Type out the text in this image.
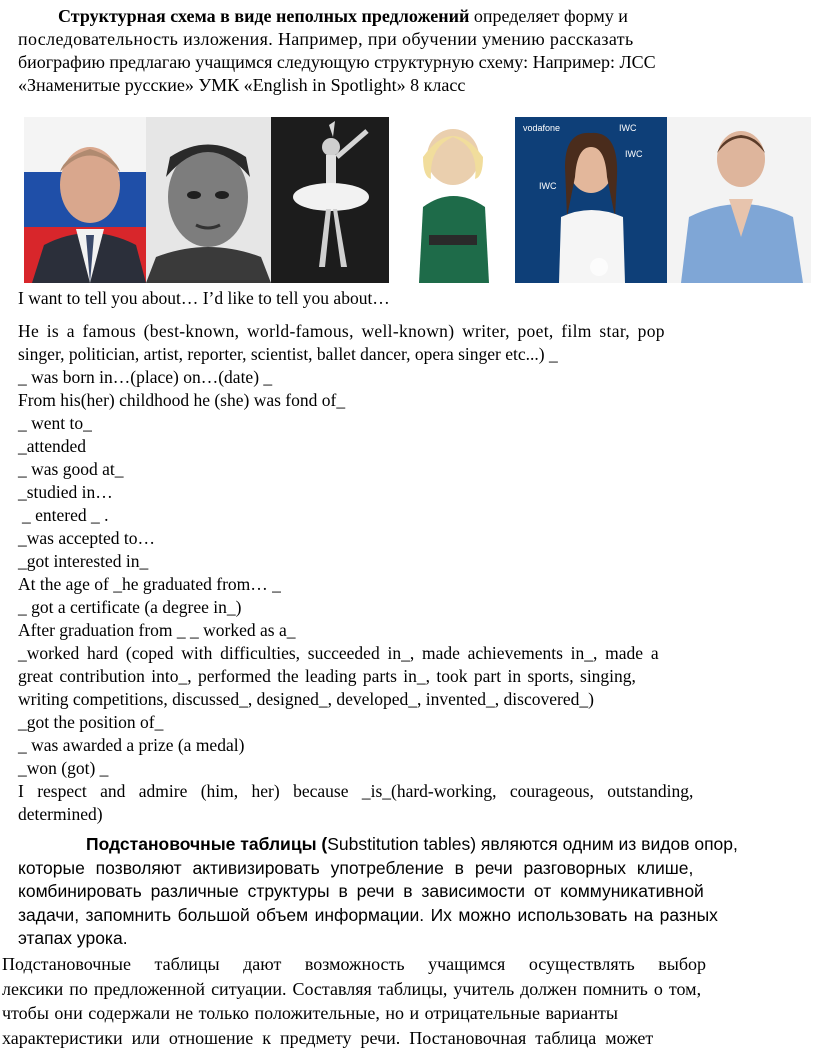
Структурная схема в виде неполных предложений определяет форму и
последовательность изложения. Например, при обучении умению рассказать
биографию предлагаю учащимся следующую структурную схему: Например: ЛСС
«Знаменитые русские» УМК «English in Spotlight» 8 класс
vodafone	IWC
IWC
IWC
I want to tell you about… I’d like to tell you about…
He is a famous (best-known, world-famous, well-known) writer, poet, film star, pop
singer, politician, artist, reporter, scientist, ballet dancer, opera singer etc...) _
_ was born in…(place) on…(date) _
From his(her) childhood he (she) was fond of_
_ went to_
_attended
_ was good at_
_studied in…
_ entered _ .
_was accepted to…
_got interested in_
At the age of _he graduated from… _
_ got a certificate (a degree in_)
After graduation from _ _ worked as a_
_worked hard (coped with difficulties, succeeded in_, made achievements in_, made a
great contribution into_, performed the leading parts in_, took part in sports, singing,
writing competitions, discussed_, designed_, developed_, invented_, discovered_)
_got the position of_
_ was awarded a prize (a medal)
_won (got) _
I respect and admire (him, her) because _is_(hard-working, courageous, outstanding,
determined)
Подстановочные таблицы (Substitution tables) являются одним из видов опор,
которые позволяют активизировать употребление в речи разговорных клише,
комбинировать различные структуры в речи в зависимости от коммуникативной
задачи, запомнить большой объем информации. Их можно использовать на разных
этапах урока.
Подстановочные таблицы дают возможность учащимся осуществлять выбор
лексики по предложенной ситуации. Составляя таблицы, учитель должен помнить о том,
чтобы они содержали не только положительные, но и отрицательные варианты
характеристики или отношение к предмету речи. Постановочная таблица может
